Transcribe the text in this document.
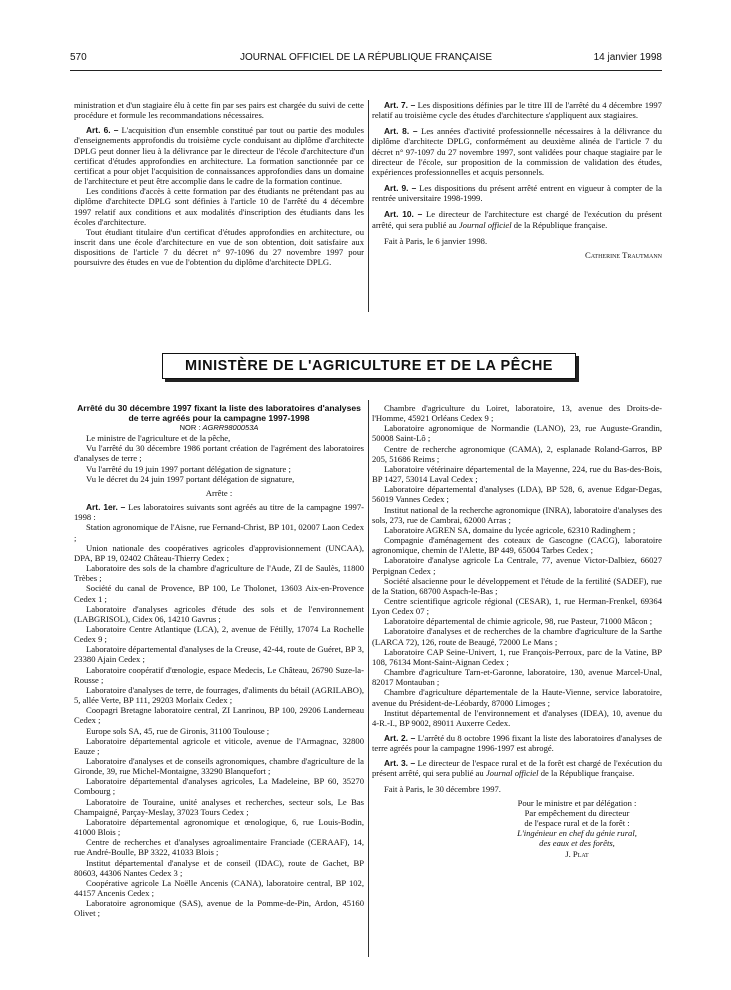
570	JOURNAL OFFICIEL DE LA RÉPUBLIQUE FRANÇAISE	14 janvier 1998

ministration et d'un stagiaire élu à cette fin par ses pairs est chargée du suivi de cette procédure et formule les recommandations nécessaires.

Art. 6. – L'acquisition d'un ensemble constitué par tout ou partie des modules d'enseignements approfondis du troisième cycle conduisant au diplôme d'architecte DPLG peut donner lieu à la délivrance par le directeur de l'école d'architecture d'un certificat d'études approfondies en architecture. La formation sanctionnée par ce certificat a pour objet l'acquisition de connaissances approfondies dans un domaine de l'architecture et peut être accomplie dans le cadre de la formation continue.

Les conditions d'accès à cette formation par des étudiants ne prétendant pas au diplôme d'architecte DPLG sont définies à l'article 10 de l'arrêté du 4 décembre 1997 relatif aux conditions et aux modalités d'inscription des étudiants dans les écoles d'architecture.

Tout étudiant titulaire d'un certificat d'études approfondies en architecture, ou inscrit dans une école d'architecture en vue de son obtention, doit satisfaire aux dispositions de l'article 7 du décret n° 97-1096 du 27 novembre 1997 pour poursuivre des études en vue de l'obtention du diplôme d'architecte DPLG.

Art. 7. – Les dispositions définies par le titre III de l'arrêté du 4 décembre 1997 relatif au troisième cycle des études d'architecture s'appliquent aux stagiaires.

Art. 8. – Les années d'activité professionnelle nécessaires à la délivrance du diplôme d'architecte DPLG, conformément au deuxième alinéa de l'article 7 du décret n° 97-1097 du 27 novembre 1997, sont validées pour chaque stagiaire par le directeur de l'école, sur proposition de la commission de validation des études, expériences professionnelles et acquis personnels.

Art. 9. – Les dispositions du présent arrêté entrent en vigueur à compter de la rentrée universitaire 1998-1999.

Art. 10. – Le directeur de l'architecture est chargé de l'exécution du présent arrêté, qui sera publié au Journal officiel de la République française.

Fait à Paris, le 6 janvier 1998.

Catherine Trautmann

MINISTÈRE DE L'AGRICULTURE ET DE LA PÊCHE

Arrêté du 30 décembre 1997 fixant la liste des laboratoires d'analyses de terre agréés pour la campagne 1997-1998

NOR : AGRR9800053A

Le ministre de l'agriculture et de la pêche,

Vu l'arrêté du 30 décembre 1986 portant création de l'agrément des laboratoires d'analyses de terre ;

Vu l'arrêté du 19 juin 1997 portant délégation de signature ;

Vu le décret du 24 juin 1997 portant délégation de signature,

Arrête :

Art. 1er. – Les laboratoires suivants sont agréés au titre de la campagne 1997-1998 :

Station agronomique de l'Aisne, rue Fernand-Christ, BP 101, 02007 Laon Cedex ;

Union nationale des coopératives agricoles d'approvisionnement (UNCAA), DPA, BP 19, 02402 Château-Thierry Cedex ;

Laboratoire des sols de la chambre d'agriculture de l'Aude, ZI de Saulès, 11800 Trèbes ;

Société du canal de Provence, BP 100, Le Tholonet, 13603 Aix-en-Provence Cedex 1 ;

Laboratoire d'analyses agricoles d'étude des sols et de l'environnement (LABGRISOL), Cidex 06, 14210 Gavrus ;

Laboratoire Centre Atlantique (LCA), 2, avenue de Fétilly, 17074 La Rochelle Cedex 9 ;

Laboratoire départemental d'analyses de la Creuse, 42-44, route de Guéret, BP 3, 23380 Ajain Cedex ;

Laboratoire coopératif d'œnologie, espace Medecis, Le Château, 26790 Suze-la-Rousse ;

Laboratoire d'analyses de terre, de fourrages, d'aliments du bétail (AGRILABO), 5, allée Verte, BP 111, 29203 Morlaix Cedex ;

Coopagri Bretagne laboratoire central, ZI Lanrinou, BP 100, 29206 Landerneau Cedex ;

Europe sols SA, 45, rue de Gironis, 31100 Toulouse ;

Laboratoire départemental agricole et viticole, avenue de l'Armagnac, 32800 Eauze ;

Laboratoire d'analyses et de conseils agronomiques, chambre d'agriculture de la Gironde, 39, rue Michel-Montaigne, 33290 Blanquefort ;

Laboratoire départemental d'analyses agricoles, La Madeleine, BP 60, 35270 Combourg ;

Laboratoire de Touraine, unité analyses et recherches, secteur sols, Le Bas Champaigné, Parçay-Meslay, 37023 Tours Cedex ;

Laboratoire départemental agronomique et œnologique, 6, rue Louis-Bodin, 41000 Blois ;

Centre de recherches et d'analyses agroalimentaire Franciade (CERAAF), 14, rue André-Boulle, BP 3322, 41033 Blois ;

Institut départemental d'analyse et de conseil (IDAC), route de Gachet, BP 80603, 44306 Nantes Cedex 3 ;

Coopérative agricole La Noëlle Ancenis (CANA), laboratoire central, BP 102, 44157 Ancenis Cedex ;

Laboratoire agronomique (SAS), avenue de la Pomme-de-Pin, Ardon, 45160 Olivet ;

Chambre d'agriculture du Loiret, laboratoire, 13, avenue des Droits-de-l'Homme, 45921 Orléans Cedex 9 ;

Laboratoire agronomique de Normandie (LANO), 23, rue Auguste-Grandin, 50008 Saint-Lô ;

Centre de recherche agronomique (CAMA), 2, esplanade Roland-Garros, BP 205, 51686 Reims ;

Laboratoire vétérinaire départemental de la Mayenne, 224, rue du Bas-des-Bois, BP 1427, 53014 Laval Cedex ;

Laboratoire départemental d'analyses (LDA), BP 528, 6, avenue Edgar-Degas, 56019 Vannes Cedex ;

Institut national de la recherche agronomique (INRA), laboratoire d'analyses des sols, 273, rue de Cambrai, 62000 Arras ;

Laboratoire AGREN SA, domaine du lycée agricole, 62310 Radinghem ;

Compagnie d'aménagement des coteaux de Gascogne (CACG), laboratoire agronomique, chemin de l'Alette, BP 449, 65004 Tarbes Cedex ;

Laboratoire d'analyse agricole La Centrale, 77, avenue Victor-Dalbiez, 66027 Perpignan Cedex ;

Société alsacienne pour le développement et l'étude de la fertilité (SADEF), rue de la Station, 68700 Aspach-le-Bas ;

Centre scientifique agricole régional (CESAR), 1, rue Herman-Frenkel, 69364 Lyon Cedex 07 ;

Laboratoire départemental de chimie agricole, 98, rue Pasteur, 71000 Mâcon ;

Laboratoire d'analyses et de recherches de la chambre d'agriculture de la Sarthe (LARCA 72), 126, route de Beaugé, 72000 Le Mans ;

Laboratoire CAP Seine-Univert, 1, rue François-Perroux, parc de la Vatine, BP 108, 76134 Mont-Saint-Aignan Cedex ;

Chambre d'agriculture Tarn-et-Garonne, laboratoire, 130, avenue Marcel-Unal, 82017 Montauban ;

Chambre d'agriculture départementale de la Haute-Vienne, service laboratoire, avenue du Président-de-Léobardy, 87000 Limoges ;

Institut départemental de l'environnement et d'analyses (IDEA), 10, avenue du 4-R.-I., BP 9002, 89011 Auxerre Cedex.

Art. 2. – L'arrêté du 8 octobre 1996 fixant la liste des laboratoires d'analyses de terre agréés pour la campagne 1996-1997 est abrogé.

Art. 3. – Le directeur de l'espace rural et de la forêt est chargé de l'exécution du présent arrêté, qui sera publié au Journal officiel de la République française.

Fait à Paris, le 30 décembre 1997.

Pour le ministre et par délégation :

Par empêchement du directeur

de l'espace rural et de la forêt :

L'ingénieur en chef du génie rural,

des eaux et des forêts,

J. Plat
